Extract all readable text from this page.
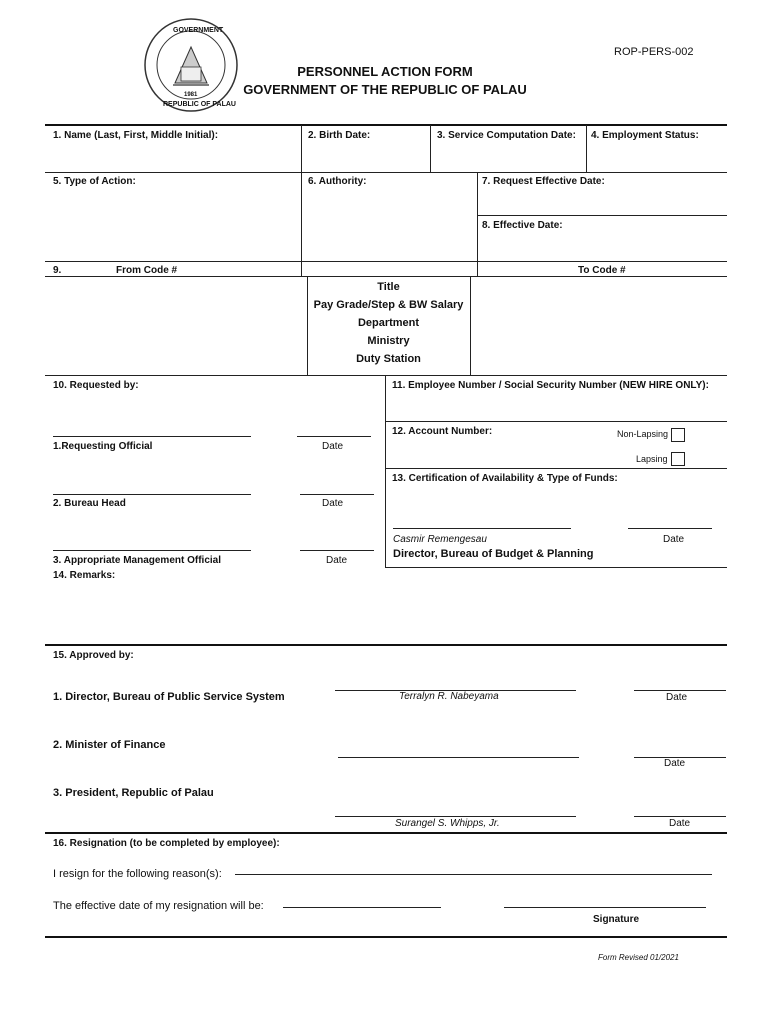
GOVERNMENT
1981
REPUBLIC OF PALAU
ROP-PERS-002
PERSONNEL ACTION FORM
GOVERNMENT OF THE REPUBLIC OF PALAU
1. Name (Last, First, Middle Initial):	2. Birth Date:	3. Service Computation Date: 4. Employment Status:
5. Type of Action:	6. Authority:	7. Request Effective Date:
8. Effective Date:
9.	From Code #	To Code #
Title
Pay Grade/Step & BW Salary
Department
Ministry
Duty Station
10. Requested by:
1.Requesting Official	Date
2. Bureau Head	Date
3. Appropriate Management Official	Date
11. Employee Number / Social Security Number (NEW HIRE ONLY):
12. Account Number:	Non-Lapsing
Lapsing
13. Certification of Availability & Type of Funds:
Casmir Remengesau	Date
Director, Bureau of Budget & Planning
14. Remarks:
15. Approved by:
1. Director, Bureau of Public Service System	Terralyn R. Nabeyama	Date
2. Minister of Finance
Date
3. President, Republic of Palau
Surangel S. Whipps, Jr.	Date
16. Resignation (to be completed by employee):
I resign for the following reason(s):
The effective date of my resignation will be:
Signature
Form Revised 01/2021
